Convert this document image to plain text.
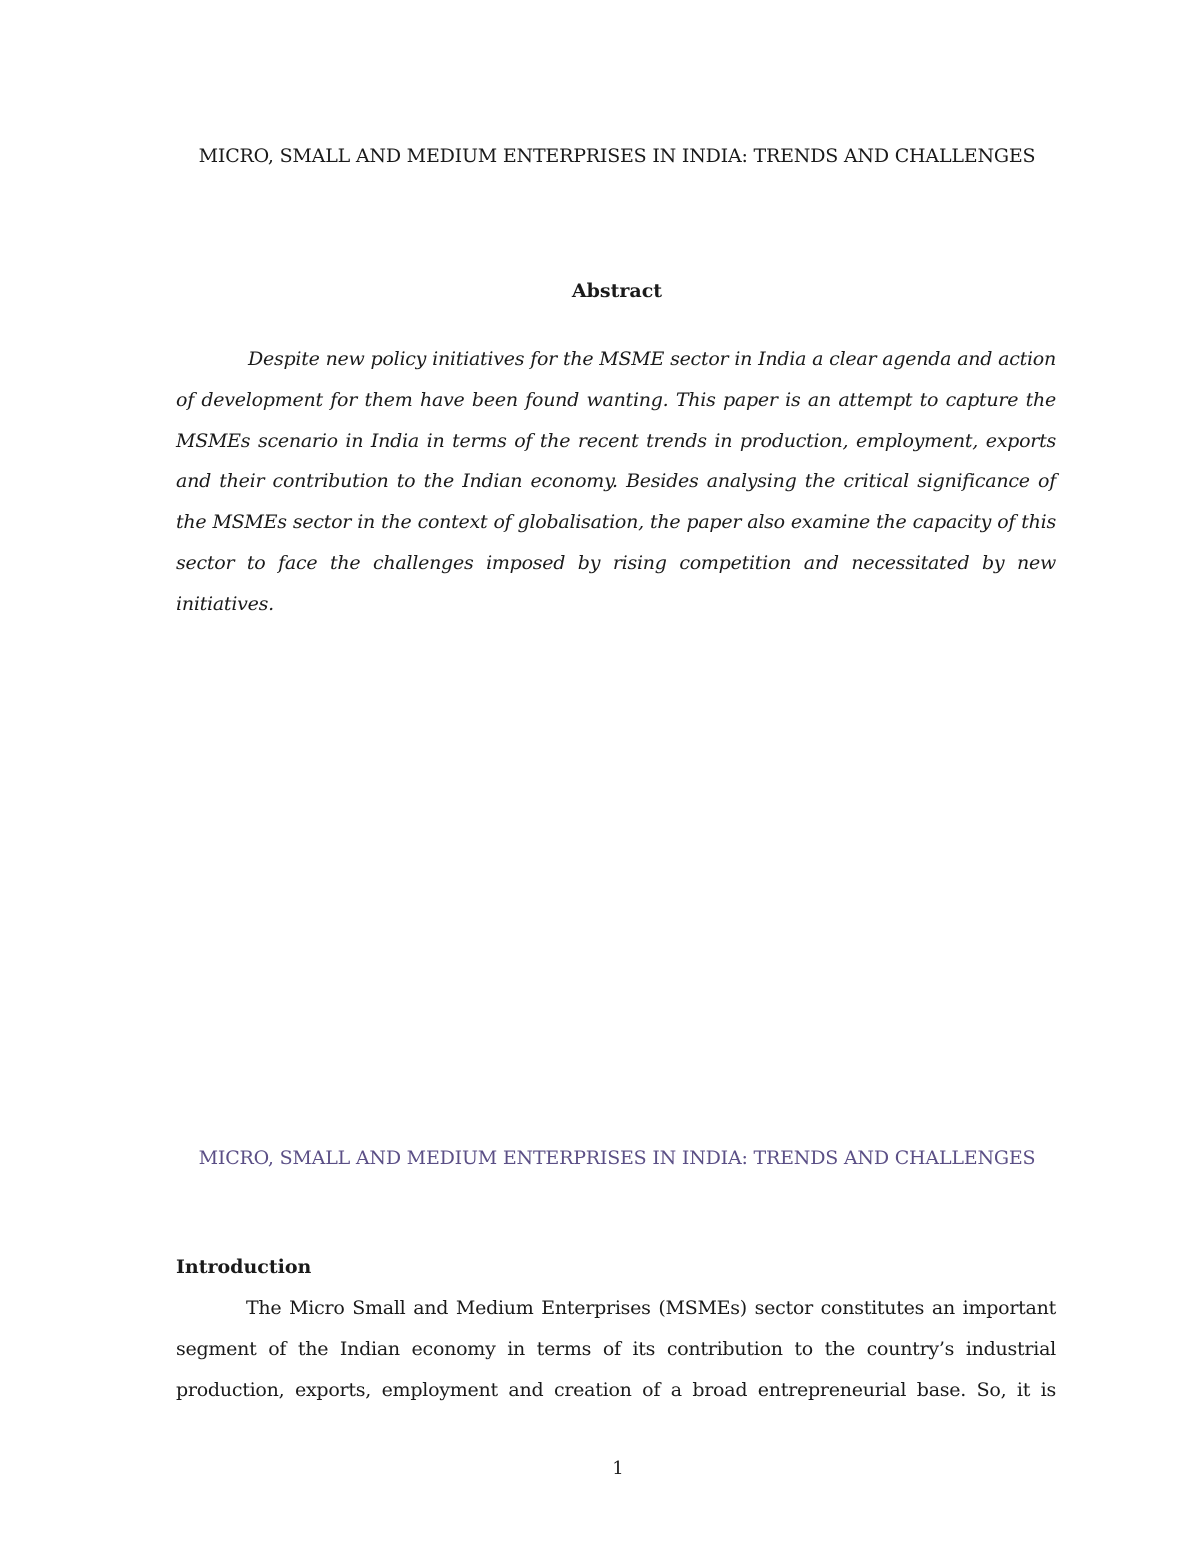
MICRO, SMALL AND MEDIUM ENTERPRISES IN INDIA: TRENDS AND CHALLENGES
Abstract

Despite new policy initiatives for the MSME sector in India a clear agenda and action of development for them have been found wanting. This paper is an attempt to capture the MSMEs scenario in India in terms of the recent trends in production, employment, exports and their contribution to the Indian economy. Besides analysing the critical significance of the MSMEs sector in the context of globalisation, the paper also examine the capacity of this sector to face the challenges imposed by rising competition and necessitated by new initiatives.

MICRO, SMALL AND MEDIUM ENTERPRISES IN INDIA: TRENDS AND CHALLENGES
Introduction

The Micro Small and Medium Enterprises (MSMEs) sector constitutes an important segment of the Indian economy in terms of its contribution to the country’s industrial production, exports, employment and creation of a broad entrepreneurial base. So, it is

1
